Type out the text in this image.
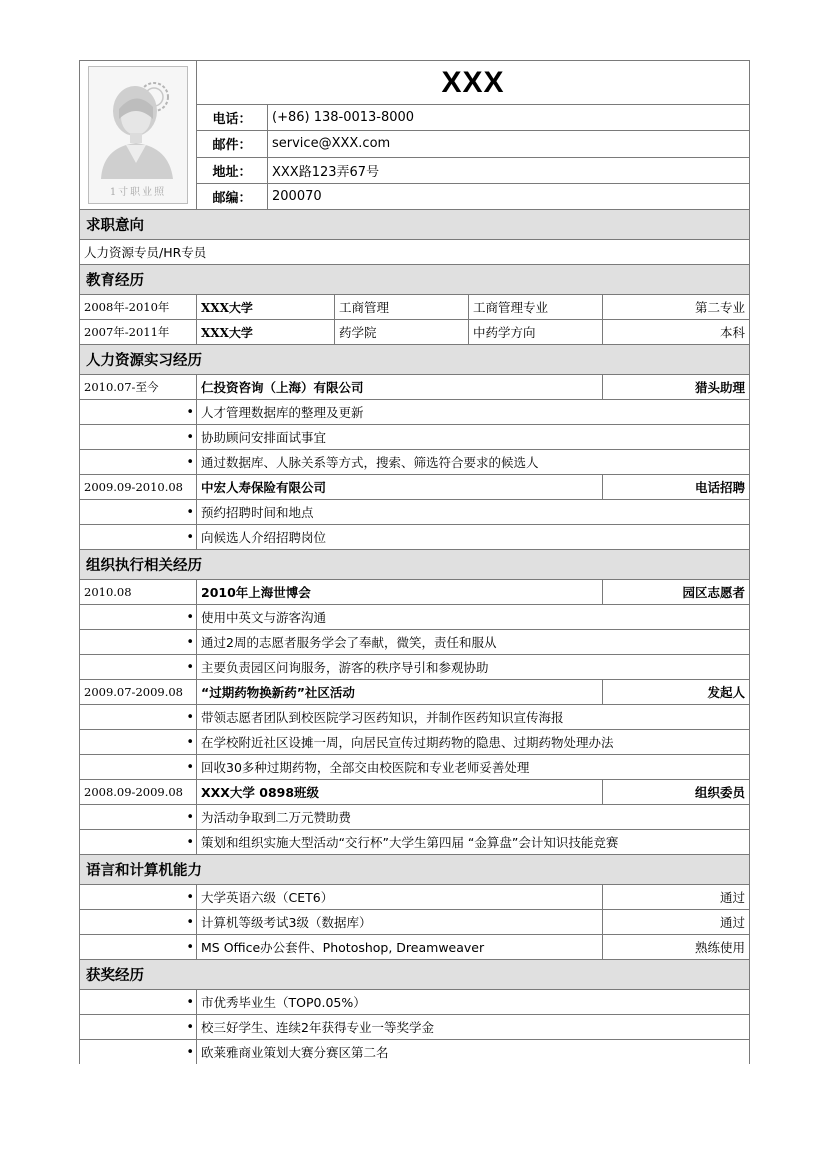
1寸职业照	XXX				
	电话：	(+86) 138-0013-8000			
	邮件：	service@XXX.com			
	地址：	XXX路123弄67号			
	邮编：	200070			
求职意向					
人力资源专员/HR专员					
教育经历					
2008年-2010年	XXX大学		工商管理	工商管理专业	第二专业
2007年-2011年	XXX大学		药学院	中药学方向	本科
人力资源实习经历					
2010.07-至今	仁投资咨询（上海）有限公司				猎头助理
•	人才管理数据库的整理及更新				
•	协助顾问安排面试事宜				
•	通过数据库、人脉关系等方式，搜索、筛选符合要求的候选人				
2009.09-2010.08	中宏人寿保险有限公司				电话招聘
•	预约招聘时间和地点				
•	向候选人介绍招聘岗位				
组织执行相关经历					
2010.08	2010年上海世博会				园区志愿者
•	使用中英文与游客沟通				
•	通过2周的志愿者服务学会了奉献，微笑，责任和服从				
•	主要负责园区问询服务，游客的秩序导引和参观协助				
2009.07-2009.08	“过期药物换新药”社区活动				发起人
•	带领志愿者团队到校医院学习医药知识，并制作医药知识宣传海报				
•	在学校附近社区设摊一周，向居民宣传过期药物的隐患、过期药物处理办法				
•	回收30多种过期药物，全部交由校医院和专业老师妥善处理				
2008.09-2009.08	XXX大学 0898班级				组织委员
•	为活动争取到二万元赞助费				
•	策划和组织实施大型活动“交行杯”大学生第四届 “金算盘”会计知识技能竞赛				
语言和计算机能力					
•	大学英语六级（CET6）				通过
•	计算机等级考试3级（数据库）				通过
•	MS Office办公套件、Photoshop, Dreamweaver				熟练使用
获奖经历					
•	市优秀毕业生（TOP0.05%）				
•	校三好学生、连续2年获得专业一等奖学金				
•	欧莱雅商业策划大赛分赛区第二名				
